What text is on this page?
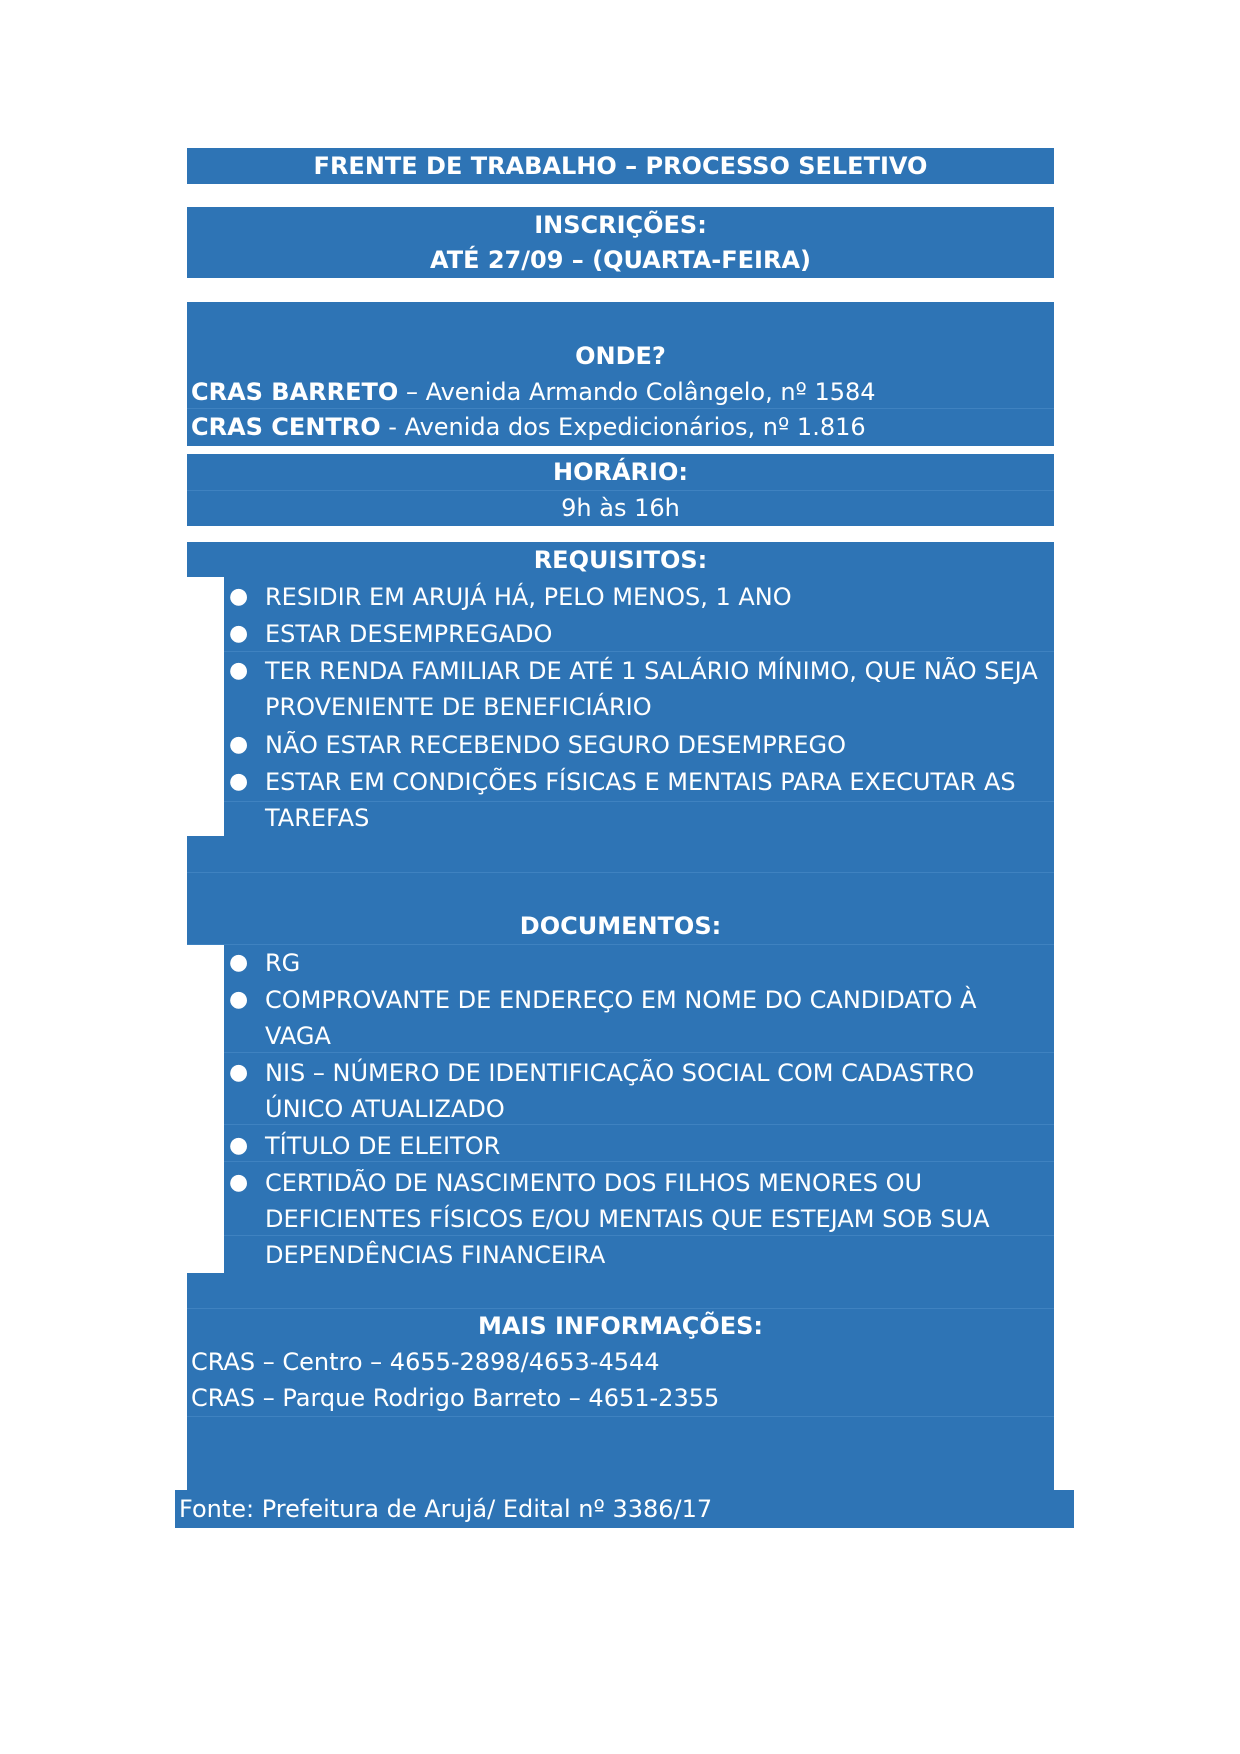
FRENTE DE TRABALHO – PROCESSO SELETIVO
INSCRIÇÕES:
ATÉ 27/09 – (QUARTA-FEIRA)
ONDE?
CRAS BARRETO – Avenida Armando Colângelo, nº 1584
CRAS CENTRO - Avenida dos Expedicionários, nº 1.816
HORÁRIO:
9h às 16h
REQUISITOS:
● RESIDIR EM ARUJÁ HÁ, PELO MENOS, 1 ANO
● ESTAR DESEMPREGADO
● TER RENDA FAMILIAR DE ATÉ 1 SALÁRIO MÍNIMO, QUE NÃO SEJA
PROVENIENTE DE BENEFICIÁRIO
● NÃO ESTAR RECEBENDO SEGURO DESEMPREGO
● ESTAR EM CONDIÇÕES FÍSICAS E MENTAIS PARA EXECUTAR AS
TAREFAS
DOCUMENTOS:
● RG
● COMPROVANTE DE ENDEREÇO EM NOME DO CANDIDATO À
VAGA
● NIS – NÚMERO DE IDENTIFICAÇÃO SOCIAL COM CADASTRO
ÚNICO ATUALIZADO
● TÍTULO DE ELEITOR
● CERTIDÃO DE NASCIMENTO DOS FILHOS MENORES OU
DEFICIENTES FÍSICOS E/OU MENTAIS QUE ESTEJAM SOB SUA
DEPENDÊNCIAS FINANCEIRA
MAIS INFORMAÇÕES:
CRAS – Centro – 4655-2898/4653-4544
CRAS – Parque Rodrigo Barreto – 4651-2355
Fonte: Prefeitura de Arujá/ Edital nº 3386/17
